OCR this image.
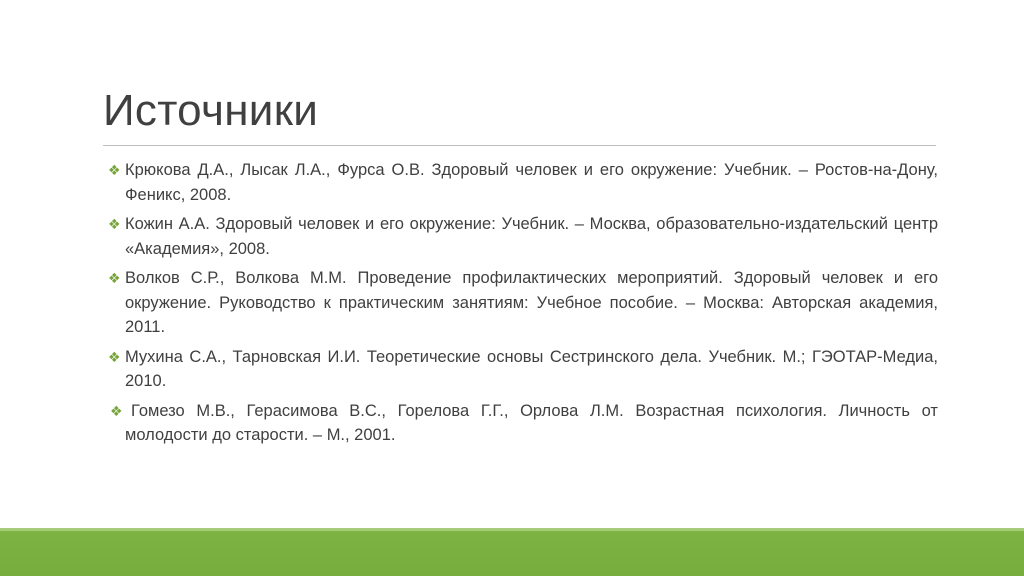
Источники
❖ Крюкова Д.А., Лысак Л.А., Фурса О.В. Здоровый человек и его окружение: Учебник. – Ростов-на-Дону, Феникс, 2008.
❖ Кожин А.А. Здоровый человек и его окружение: Учебник. – Москва, образовательно-издательский центр «Академия», 2008.
❖ Волков С.Р., Волкова М.М. Проведение профилактических мероприятий. Здоровый человек и его окружение. Руководство к практическим занятиям: Учебное пособие. – Москва: Авторская академия, 2011.
❖ Мухина С.А., Тарновская И.И. Теоретические основы Сестринского дела. Учебник. М.; ГЭОТАР-Медиа, 2010.
❖ Гомезо М.В., Герасимова В.С., Горелова Г.Г., Орлова Л.М. Возрастная психология. Личность от молодости до старости. – М., 2001.
